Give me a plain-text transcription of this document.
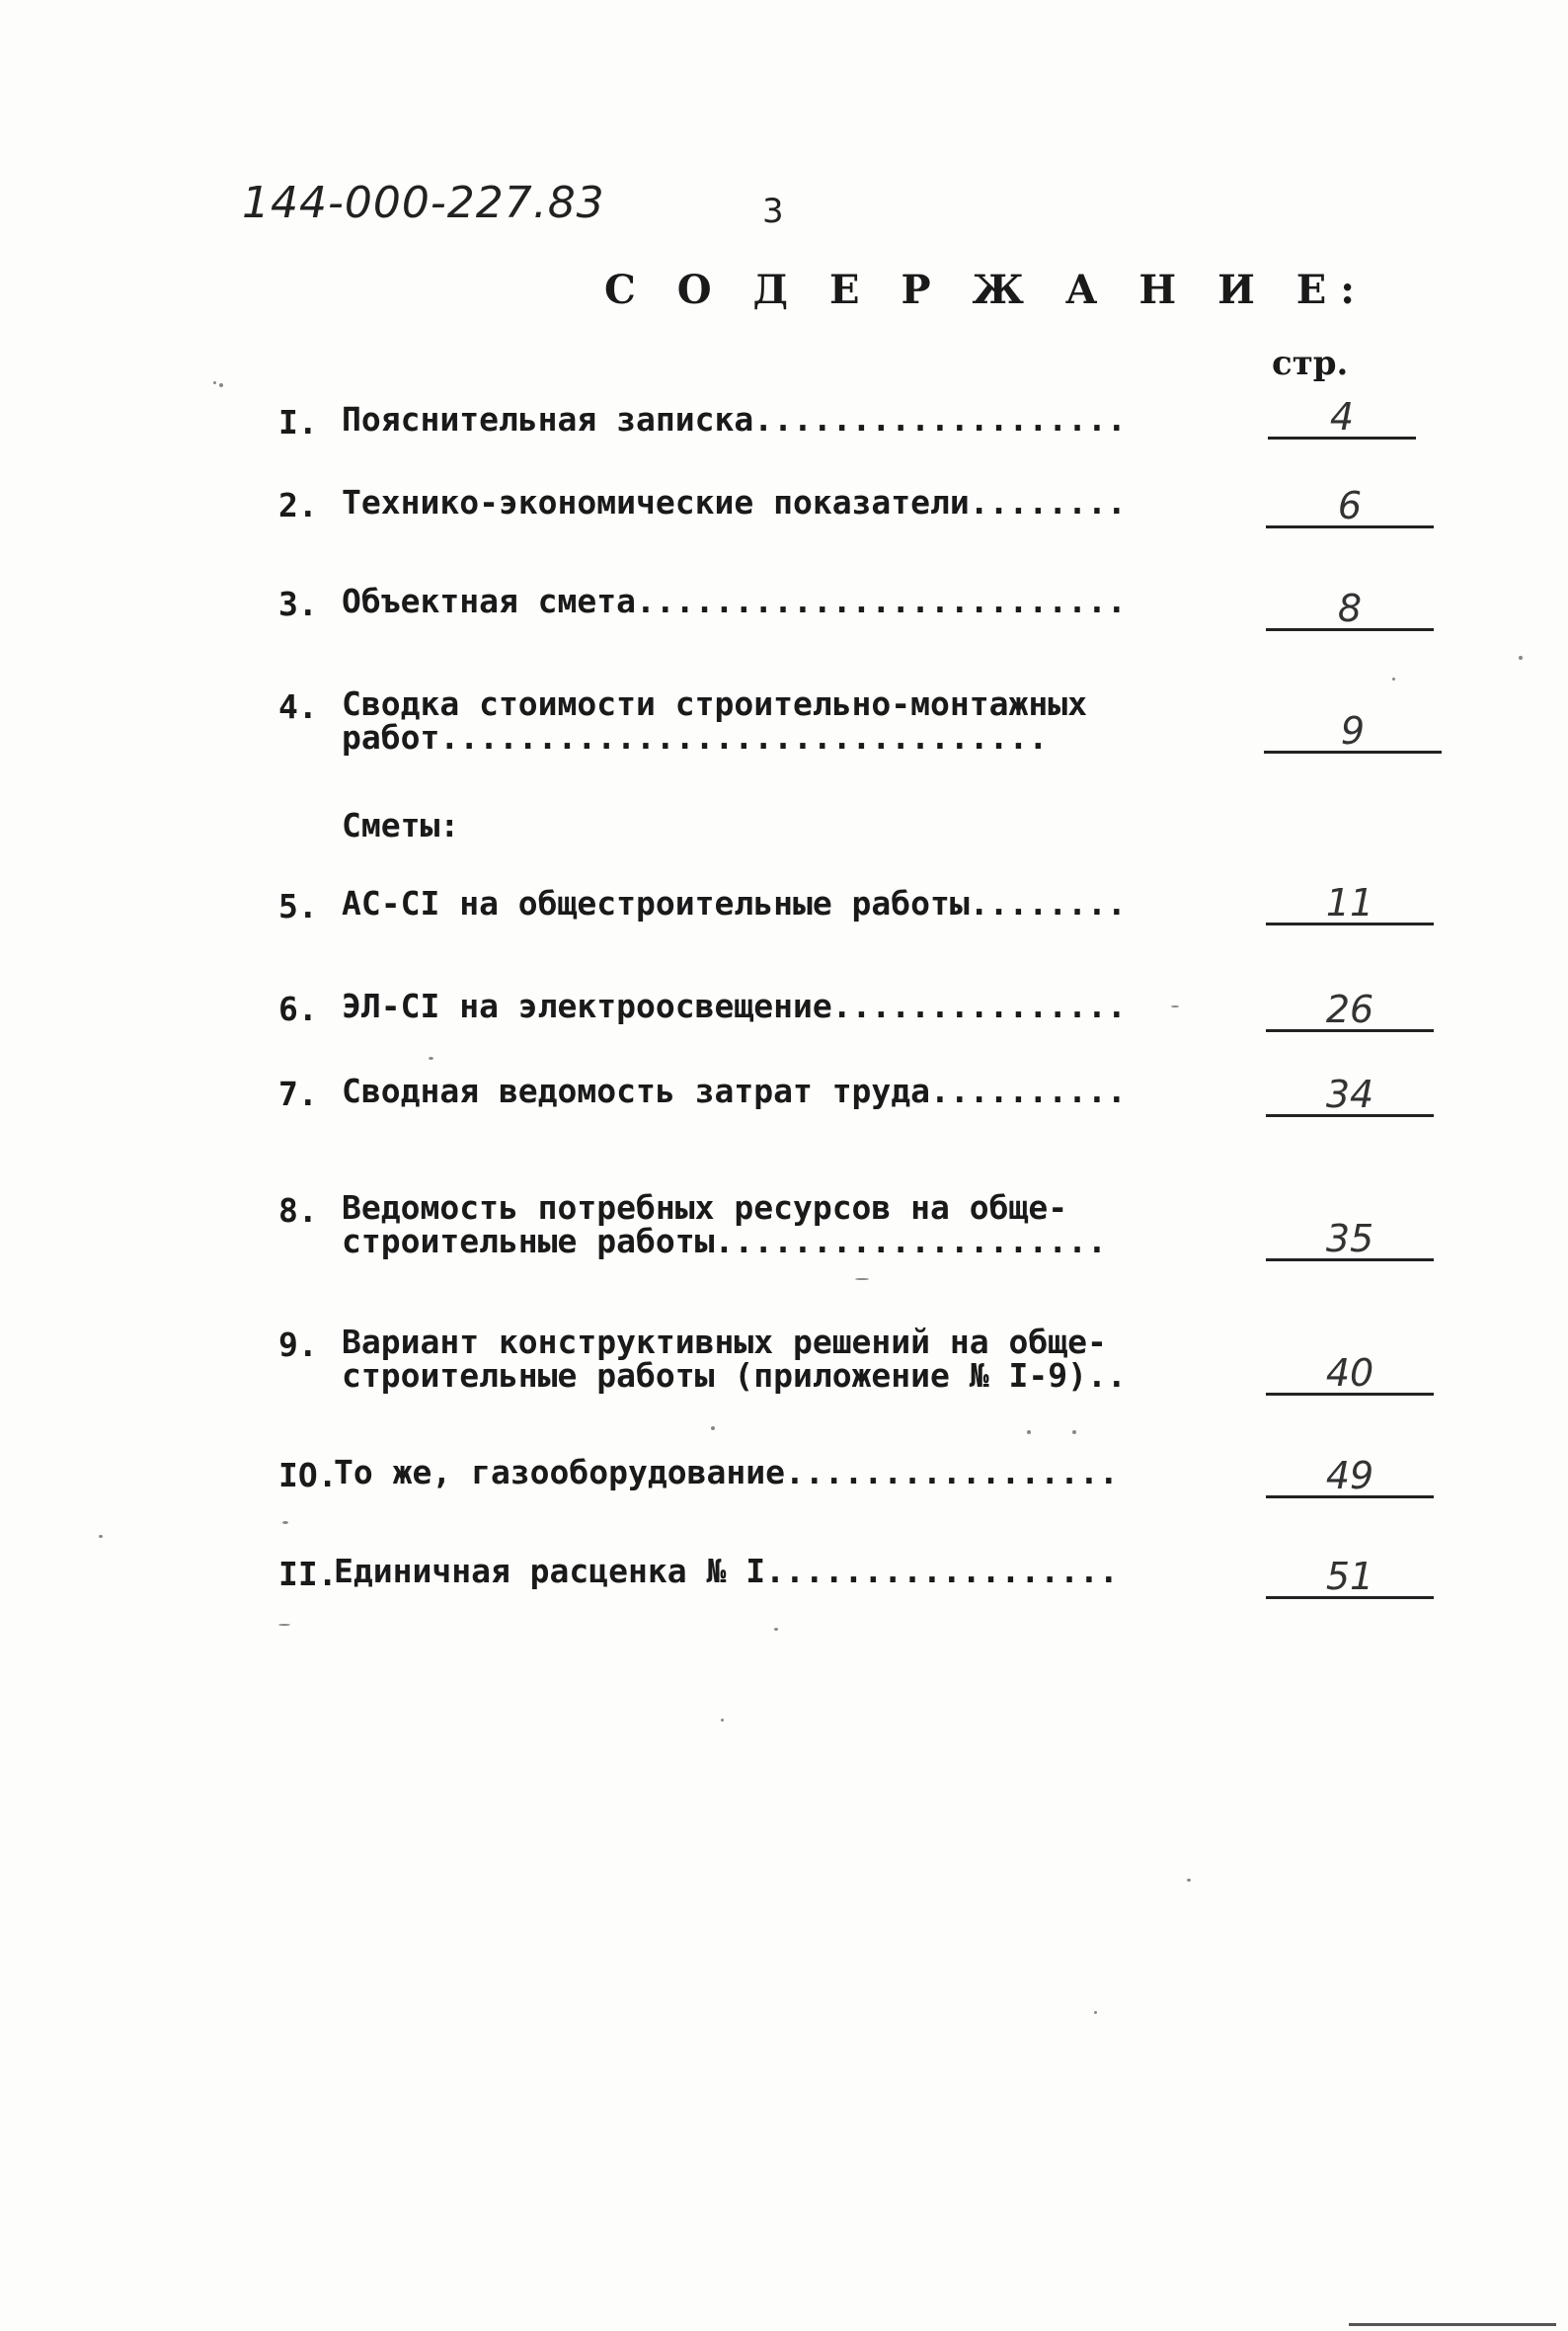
144-000-227.83	3
С О Д Е Р Ж А Н И Е:
стр.
I. Пояснительная записка...................	4
2. Технико-экономические показатели........	6
3. Объектная смета.........................	8
4. Сводка стоимости строительно-монтажных
работ...............................	9
Сметы:
5. АС-CI на общестроительные работы........	11
6. ЭЛ-CI на электроосвещение...............	26
7. Сводная ведомость затрат труда..........	34
8. Ведомость потребных ресурсов на обще-
строительные работы....................	35
9. Вариант конструктивных решений на обще-
строительные работы (приложение № I-9)..	40
IO.
То же, газооборудование.................	49
II.
Единичная расценка № I..................	51
